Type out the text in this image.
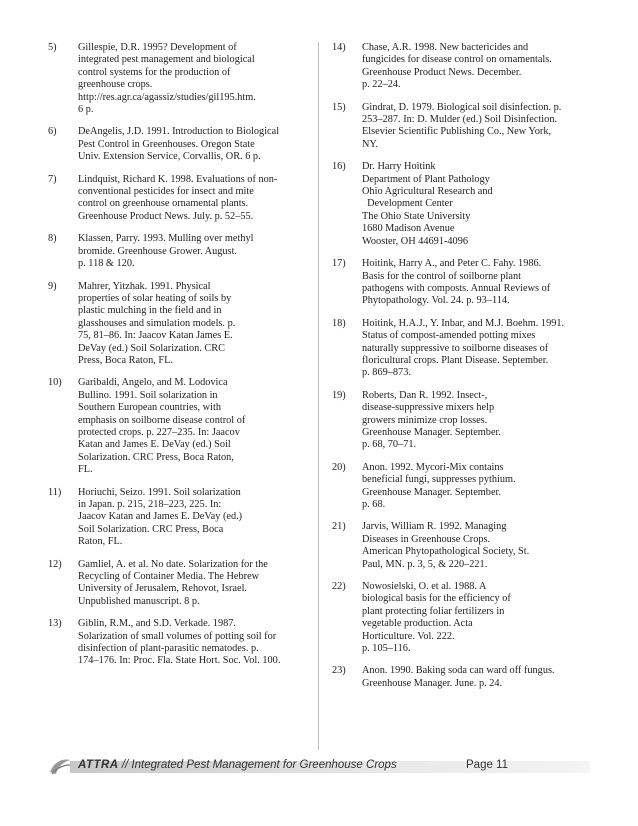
5)	Gillespie, D.R. 1995? Development of
integrated pest management and biological
control systems for the production of
greenhouse crops.
http://res.agr.ca/agassiz/studies/gil195.htm.
6 p.
6)	DeAngelis, J.D. 1991. Introduction to Biological
Pest Control in Greenhouses. Oregon State
Univ. Extension Service, Corvallis, OR. 6 p.
7)	Lindquist, Richard K. 1998. Evaluations of non-
conventional pesticides for insect and mite
control on greenhouse ornamental plants.
Greenhouse Product News. July. p. 52–55.
8)	Klassen, Parry. 1993. Mulling over methyl
bromide. Greenhouse Grower. August.
p. 118 & 120.
9)	Mahrer, Yitzhak. 1991. Physical
properties of solar heating of soils by
plastic mulching in the field and in
glasshouses and simulation models. p.
75, 81–86. In: Jaacov Katan James E.
DeVay (ed.) Soil Solarization. CRC
Press, Boca Raton, FL.
10)	Garibaldi, Angelo, and M. Lodovica
Bullino. 1991. Soil solarization in
Southern European countries, with
emphasis on soilborne disease control of
protected crops. p. 227–235. In: Jaacov
Katan and James E. DeVay (ed.) Soil
Solarization. CRC Press, Boca Raton,
FL.
11)	Horiuchi, Seizo. 1991. Soil solarization
in Japan. p. 215, 218–223, 225. In:
Jaacov Katan and James E. DeVay (ed.)
Soil Solarization. CRC Press, Boca
Raton, FL.
12)	Gamliel, A. et al. No date. Solarization for the
Recycling of Container Media. The Hebrew
University of Jerusalem, Rehovot, Israel.
Unpublished manuscript. 8 p.
13)	Giblin, R.M., and S.D. Verkade. 1987.
Solarization of small volumes of potting soil for
disinfection of plant-parasitic nematodes. p.
174–176. In: Proc. Fla. State Hort. Soc. Vol. 100.
14)	Chase, A.R. 1998. New bactericides and
fungicides for disease control on ornamentals.
Greenhouse Product News. December.
p. 22–24.
15)	Gindrat, D. 1979. Biological soil disinfection. p.
253–287. In: D. Mulder (ed.) Soil Disinfection.
Elsevier Scientific Publishing Co., New York,
NY.
16)	Dr. Harry Hoitink
Department of Plant Pathology
Ohio Agricultural Research and
Development Center
The Ohio State University
1680 Madison Avenue
Wooster, OH 44691-4096
17)	Hoitink, Harry A., and Peter C. Fahy. 1986.
Basis for the control of soilborne plant
pathogens with composts. Annual Reviews of
Phytopathology. Vol. 24. p. 93–114.
18)	Hoitink, H.A.J., Y. Inbar, and M.J. Boehm. 1991.
Status of compost-amended potting mixes
naturally suppressive to soilborne diseases of
floricultural crops. Plant Disease. September.
p. 869–873.
19)	Roberts, Dan R. 1992. Insect-,
disease-suppressive mixers help
growers minimize crop losses.
Greenhouse Manager. September.
p. 68, 70–71.
20)	Anon. 1992. Mycori-Mix contains
beneficial fungi, suppresses pythium.
Greenhouse Manager. September.
p. 68.
21)	Jarvis, William R. 1992. Managing
Diseases in Greenhouse Crops.
American Phytopathological Society, St.
Paul, MN. p. 3, 5, & 220–221.
22)	Nowosielski, O. et al. 1988. A
biological basis for the efficiency of
plant protecting foliar fertilizers in
vegetable production. Acta
Horticulture. Vol. 222.
p. 105–116.
23)	Anon. 1990. Baking soda can ward off fungus.
Greenhouse Manager. June. p. 24.
ATTRA // Integrated Pest Management for Greenhouse Crops	Page 11
